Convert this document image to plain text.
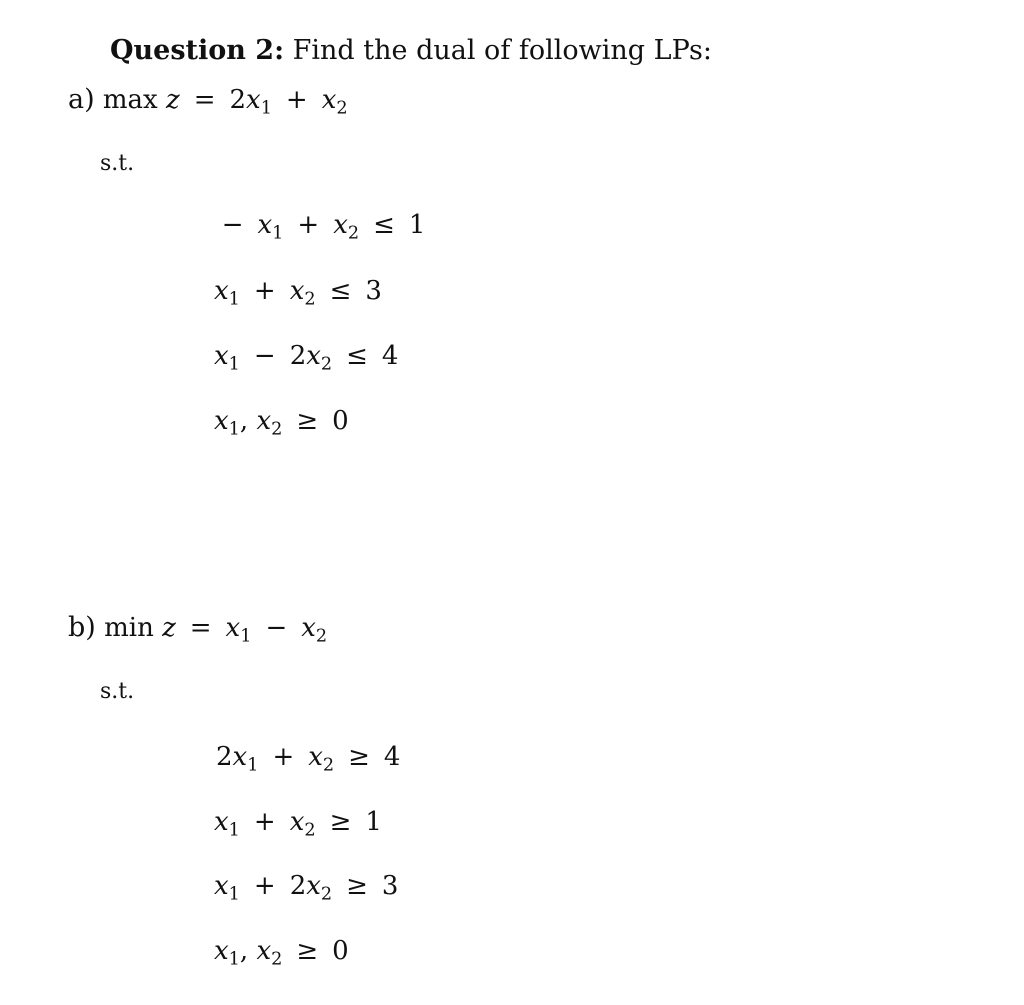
Question 2: Find the dual of following LPs:
a) $\max z = 2x_1 + x_2$
s.t.
− $x_1 + x_2 \le 1$
$x_1 + x_2 \le 3$
$x_1 - 2x_2 \le 4$
$x_1$, $x_2 \ge 0$
b) $\min z = x_1 - x_2$
s.t.
$2x_1 + x_2 \ge 4$
$x_1 + x_2 \ge 1$
$x_1 + 2x_2 \ge 3$
$x_1$, $x_2 \ge 0$
